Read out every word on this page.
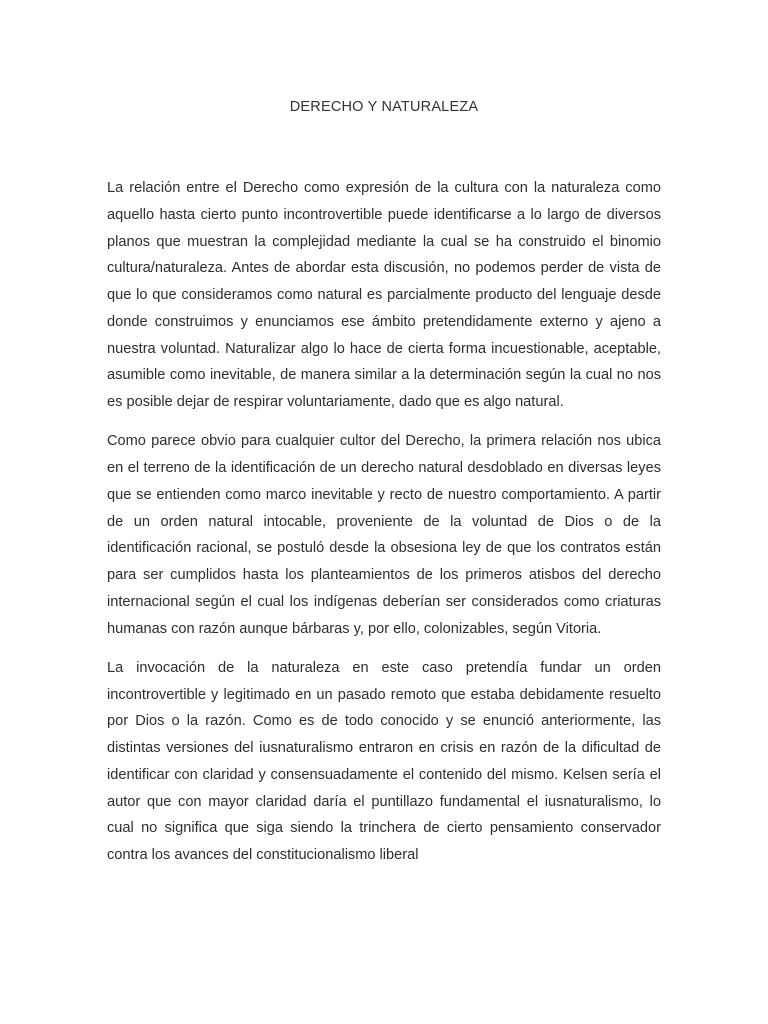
DERECHO Y NATURALEZA

La relación entre el Derecho como expresión de la cultura con la naturaleza como aquello hasta cierto punto incontrovertible puede identificarse a lo largo de diversos planos que muestran la complejidad mediante la cual se ha construido el binomio cultura/naturaleza. Antes de abordar esta discusión, no podemos perder de vista de que lo que consideramos como natural es parcialmente producto del lenguaje desde donde construimos y enunciamos ese ámbito pretendidamente externo y ajeno a nuestra voluntad. Naturalizar algo lo hace de cierta forma incuestionable, aceptable, asumible como inevitable, de manera similar a la determinación según la cual no nos es posible dejar de respirar voluntariamente, dado que es algo natural.

Como parece obvio para cualquier cultor del Derecho, la primera relación nos ubica en el terreno de la identificación de un derecho natural desdoblado en diversas leyes que se entienden como marco inevitable y recto de nuestro comportamiento. A partir de un orden natural intocable, proveniente de la voluntad de Dios o de la identificación racional, se postuló desde la obsesiona ley de que los contratos están para ser cumplidos hasta los planteamientos de los primeros atisbos del derecho internacional según el cual los indígenas deberían ser considerados como criaturas humanas con razón aunque bárbaras y, por ello, colonizables, según Vitoria.

La invocación de la naturaleza en este caso pretendía fundar un orden incontrovertible y legitimado en un pasado remoto que estaba debidamente resuelto por Dios o la razón. Como es de todo conocido y se enunció anteriormente, las distintas versiones del iusnaturalismo entraron en crisis en razón de la dificultad de identificar con claridad y consensuadamente el contenido del mismo. Kelsen sería el autor que con mayor claridad daría el puntillazo fundamental el iusnaturalismo, lo cual no significa que siga siendo la trinchera de cierto pensamiento conservador contra los avances del constitucionalismo liberal
